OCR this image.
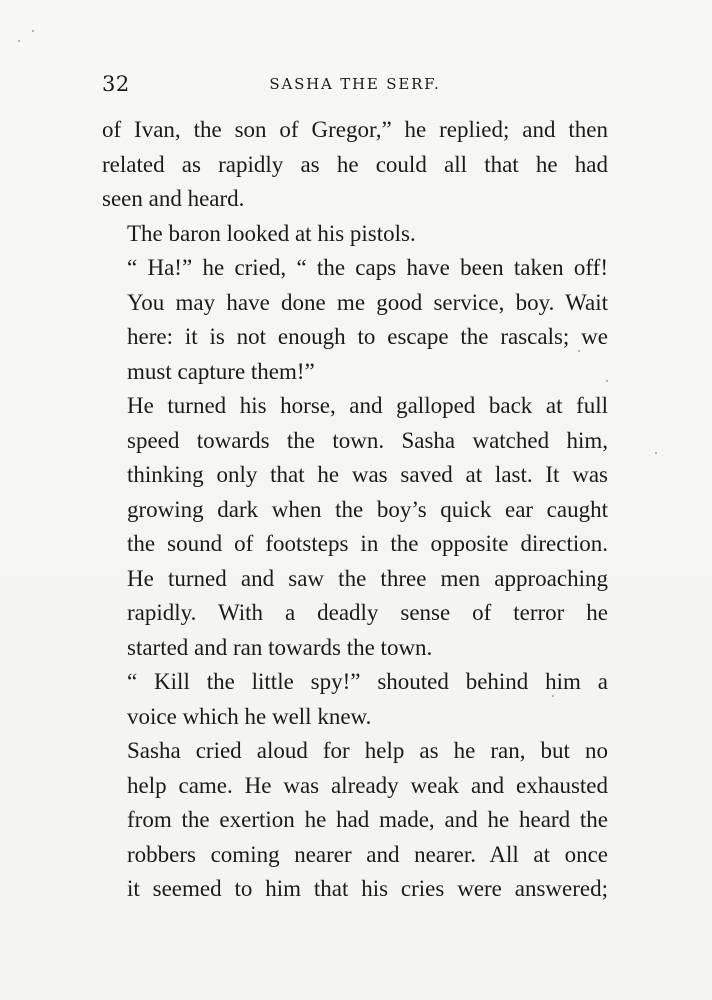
32	SASHA THE SERF.

of Ivan, the son of Gregor,” he replied; and then
related as rapidly as he could all that he had
seen and heard.

The baron looked at his pistols.

“ Ha!” he cried, “ the caps have been taken off!
You may have done me good service, boy. Wait
here: it is not enough to escape the rascals; we
must capture them!”

He turned his horse, and galloped back at full
speed towards the town. Sasha watched him,
thinking only that he was saved at last. It was
growing dark when the boy’s quick ear caught
the sound of footsteps in the opposite direction.
He turned and saw the three men approaching
rapidly. With a deadly sense of terror he
started and ran towards the town.

“ Kill the little spy!” shouted behind him a
voice which he well knew.

Sasha cried aloud for help as he ran, but no
help came. He was already weak and exhausted
from the exertion he had made, and he heard the
robbers coming nearer and nearer. All at once
it seemed to him that his cries were answered;
